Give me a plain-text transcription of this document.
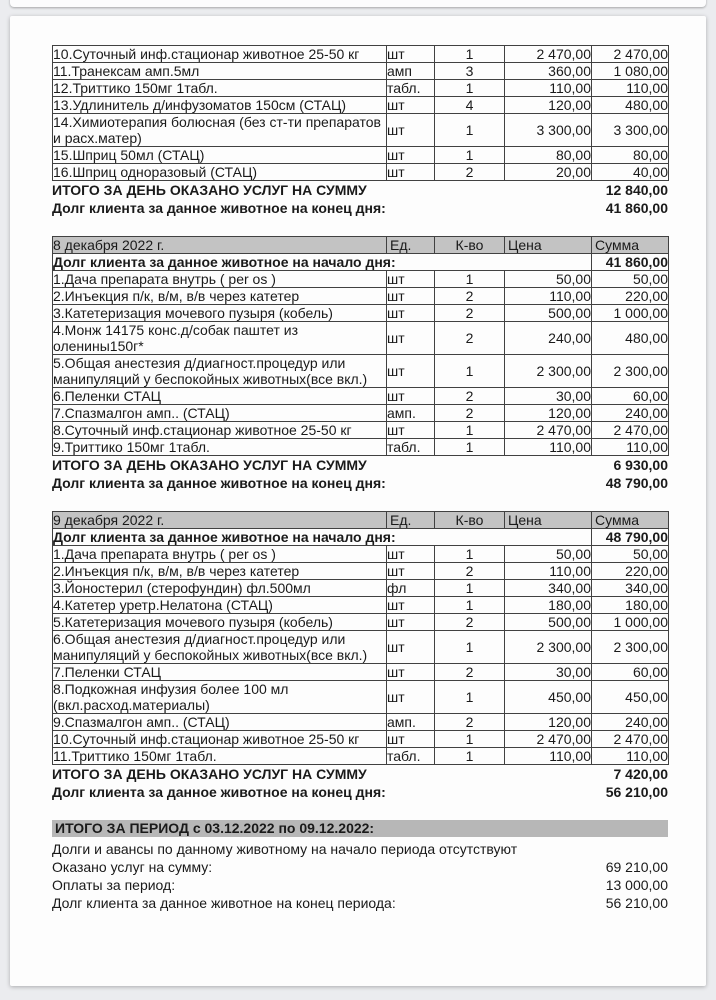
10.Суточный инф.стационар животное 25-50 кг	шт	1	2 470,00	2 470,00
11.Транексам амп.5мл	амп	3	360,00	1 080,00
12.Триттико 150мг 1табл.	табл.	1	110,00	110,00
13.Удлинитель д/инфузоматов 150см (СТАЦ)	шт	4	120,00	480,00
14.Химиотерапия болюсная (без ст-ти препаратов и расх.матер)	шт	1	3 300,00	3 300,00
15.Шприц 50мл (СТАЦ)	шт	1	80,00	80,00
16.Шприц одноразовый (СТАЦ)	шт	2	20,00	40,00
ИТОГО ЗА ДЕНЬ ОКАЗАНО УСЛУГ НА СУММУ	12 840,00
Долг клиента за данное животное на конец дня:	41 860,00
8 декабря 2022 г.	Ед.	К-во	Цена	Сумма
Долг клиента за данное животное на начало дня:				41 860,00
1.Дача препарата внутрь ( per os )	шт	1	50,00	50,00
2.Инъекция п/к, в/м, в/в через катетер	шт	2	110,00	220,00
3.Катетеризация мочевого пузыря (кобель)	шт	2	500,00	1 000,00
4.Монж 14175 конс.д/собак паштет из оленины150г*	шт	2	240,00	480,00
5.Общая анестезия д/диагност.процедур или манипуляций у беспокойных животных(все вкл.)	шт	1	2 300,00	2 300,00
6.Пеленки СТАЦ	шт	2	30,00	60,00
7.Спазмалгон амп.. (СТАЦ)	амп.	2	120,00	240,00
8.Суточный инф.стационар животное 25-50 кг	шт	1	2 470,00	2 470,00
9.Триттико 150мг 1табл.	табл.	1	110,00	110,00
ИТОГО ЗА ДЕНЬ ОКАЗАНО УСЛУГ НА СУММУ	6 930,00
Долг клиента за данное животное на конец дня:	48 790,00
9 декабря 2022 г.	Ед.	К-во	Цена	Сумма
Долг клиента за данное животное на начало дня:				48 790,00
1.Дача препарата внутрь ( per os )	шт	1	50,00	50,00
2.Инъекция п/к, в/м, в/в через катетер	шт	2	110,00	220,00
3.Йоностерил (стерофундин) фл.500мл	фл	1	340,00	340,00
4.Катетер уретр.Нелатона (СТАЦ)	шт	1	180,00	180,00
5.Катетеризация мочевого пузыря (кобель)	шт	2	500,00	1 000,00
6.Общая анестезия д/диагност.процедур или манипуляций у беспокойных животных(все вкл.)	шт	1	2 300,00	2 300,00
7.Пеленки СТАЦ	шт	2	30,00	60,00
8.Подкожная инфузия более 100 мл (вкл.расход.материалы)	шт	1	450,00	450,00
9.Спазмалгон амп.. (СТАЦ)	амп.	2	120,00	240,00
10.Суточный инф.стационар животное 25-50 кг	шт	1	2 470,00	2 470,00
11.Триттико 150мг 1табл.	табл.	1	110,00	110,00
ИТОГО ЗА ДЕНЬ ОКАЗАНО УСЛУГ НА СУММУ	7 420,00
Долг клиента за данное животное на конец дня:	56 210,00
ИТОГО ЗА ПЕРИОД с 03.12.2022 по 09.12.2022:
Долги и авансы по данному животному на начало периода отсутствуют
Оказано услуг на сумму:	69 210,00
Оплаты за период:	13 000,00
Долг клиента за данное животное на конец периода:	56 210,00
